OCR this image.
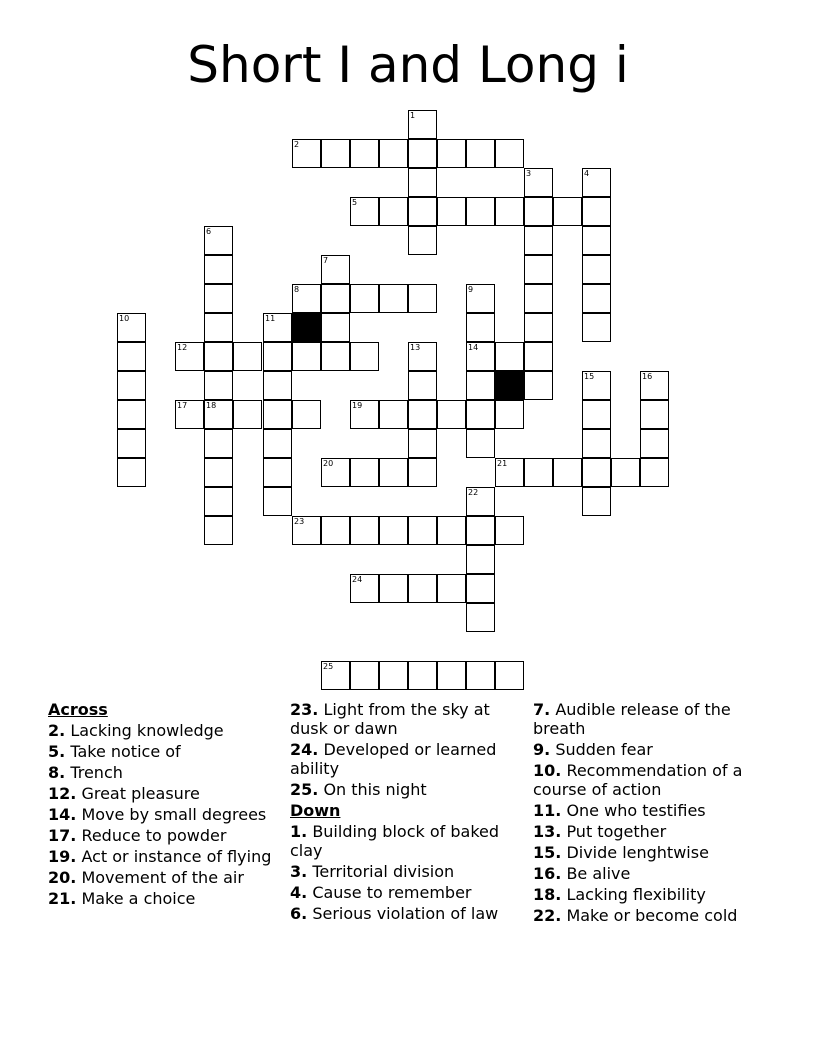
Short I and Long i
1
2
3	4
5
6
7
8	9
10	11
12	13	14
15	16
17 18	19
20	21
22
23
24
25
Across
2. Lacking knowledge
5. Take notice of
8. Trench
12. Great pleasure
14. Move by small degrees
17. Reduce to powder
19. Act or instance of flying
20. Movement of the air
21. Make a choice
23. Light from the sky at dusk or dawn
24. Developed or learned ability
25. On this night
Down
1. Building block of baked clay
3. Territorial division
4. Cause to remember
6. Serious violation of law
7. Audible release of the breath
9. Sudden fear
10. Recommendation of a course of action
11. One who testifies
13. Put together
15. Divide lenghtwise
16. Be alive
18. Lacking flexibility
22. Make or become cold
